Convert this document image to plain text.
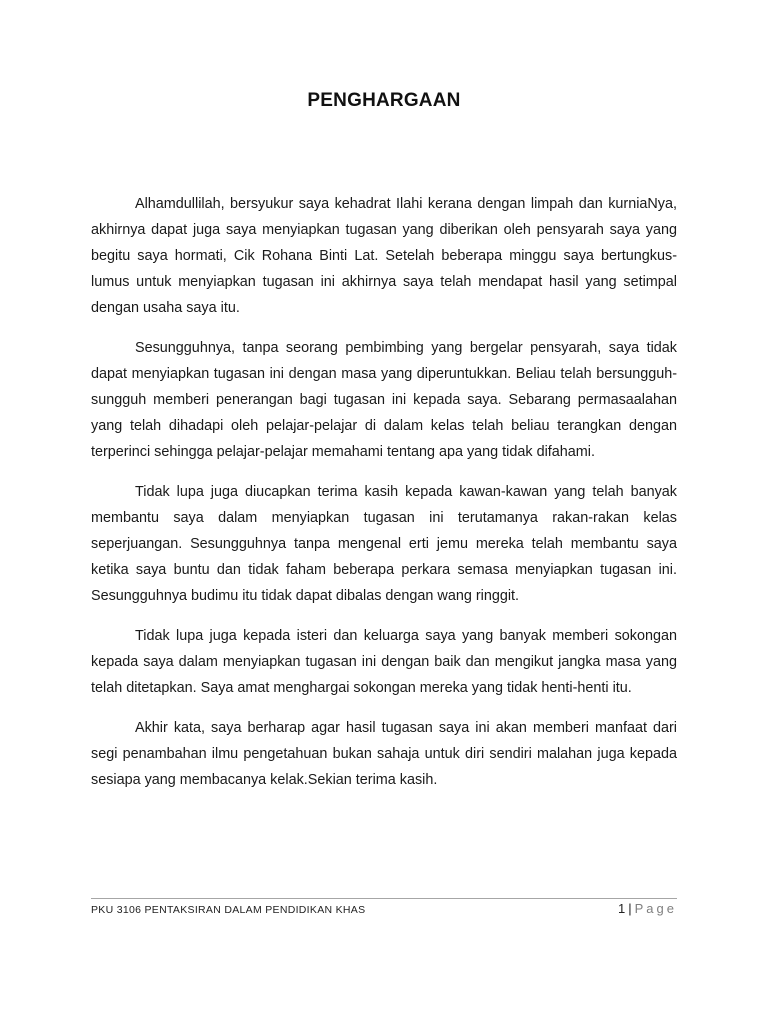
PENGHARGAAN

Alhamdullilah, bersyukur saya kehadrat Ilahi kerana dengan limpah dan kurniaNya, akhirnya dapat juga saya menyiapkan tugasan yang diberikan oleh pensyarah saya yang begitu saya hormati, Cik Rohana Binti Lat. Setelah beberapa minggu saya bertungkus-lumus untuk menyiapkan tugasan ini akhirnya saya telah mendapat hasil yang setimpal dengan usaha saya itu.

Sesungguhnya, tanpa seorang pembimbing yang bergelar pensyarah, saya tidak dapat menyiapkan tugasan ini dengan masa yang diperuntukkan. Beliau telah bersungguh-sungguh memberi penerangan bagi tugasan ini kepada saya. Sebarang permasaalahan yang telah dihadapi oleh pelajar-pelajar di dalam kelas telah beliau terangkan dengan terperinci sehingga pelajar-pelajar memahami tentang apa yang tidak difahami.

Tidak lupa juga diucapkan terima kasih kepada kawan-kawan yang telah banyak membantu saya dalam menyiapkan tugasan ini terutamanya rakan-rakan kelas seperjuangan. Sesungguhnya tanpa mengenal erti jemu mereka telah membantu saya ketika saya buntu dan tidak faham beberapa perkara semasa menyiapkan tugasan ini. Sesungguhnya budimu itu tidak dapat dibalas dengan wang ringgit.

Tidak lupa juga kepada isteri dan keluarga saya yang banyak memberi sokongan kepada saya dalam menyiapkan tugasan ini dengan baik dan mengikut jangka masa yang telah ditetapkan. Saya amat menghargai sokongan mereka yang tidak henti-henti itu.

Akhir kata, saya berharap agar hasil tugasan saya ini akan memberi manfaat dari segi penambahan ilmu pengetahuan bukan sahaja untuk diri sendiri malahan juga kepada sesiapa yang membacanya kelak.Sekian terima kasih.

PKU 3106 PENTAKSIRAN DALAM PENDIDIKAN KHAS	1 | Page
